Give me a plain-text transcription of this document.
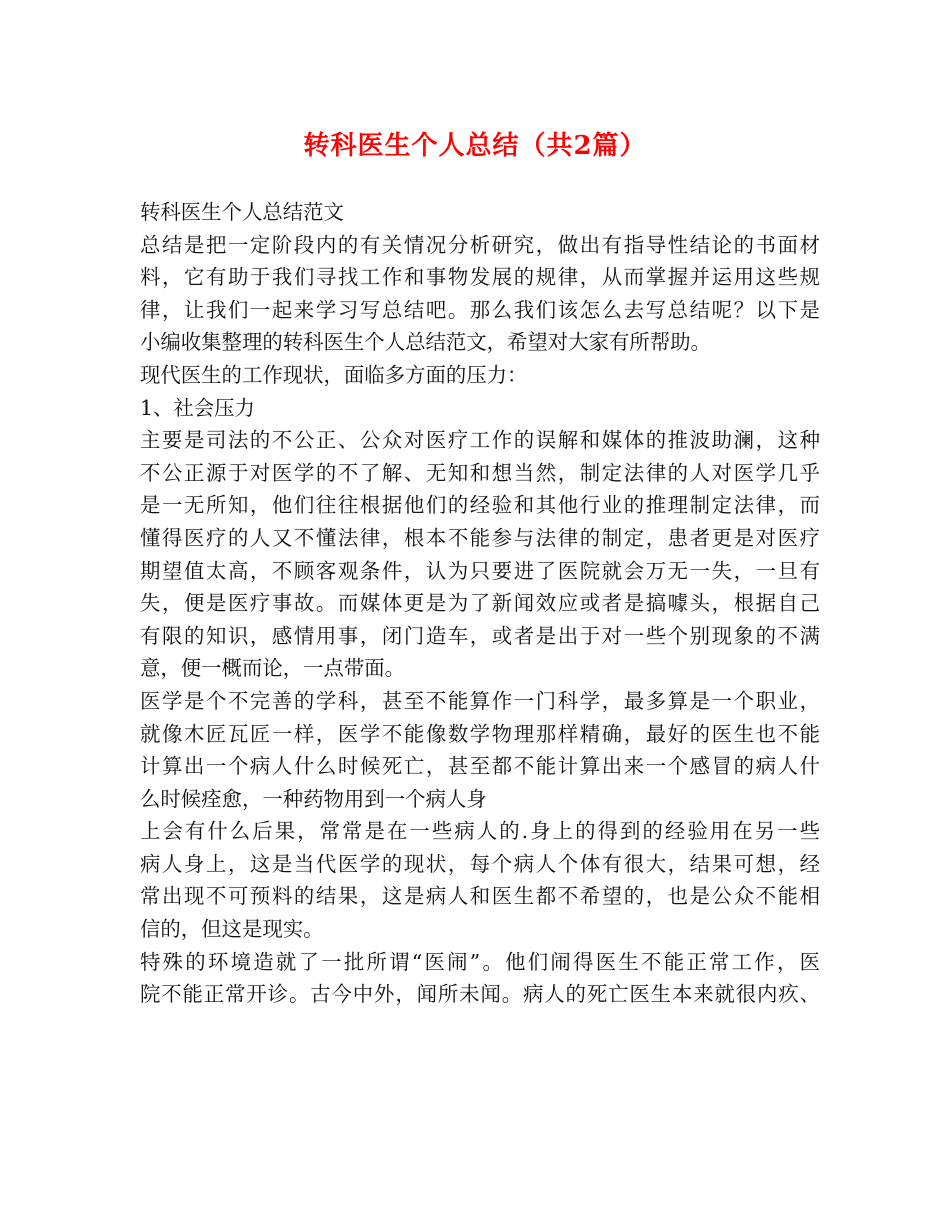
转科医生个人总结（共2篇）
转科医生个人总结范文
总结是把一定阶段内的有关情况分析研究，做出有指导性结论的书面材
料，它有助于我们寻找工作和事物发展的规律，从而掌握并运用这些规
律，让我们一起来学习写总结吧。那么我们该怎么去写总结呢？以下是
小编收集整理的转科医生个人总结范文，希望对大家有所帮助。
现代医生的工作现状，面临多方面的压力：
1、社会压力
主要是司法的不公正、公众对医疗工作的误解和媒体的推波助澜，这种
不公正源于对医学的不了解、无知和想当然，制定法律的人对医学几乎
是一无所知，他们往往根据他们的经验和其他行业的推理制定法律，而
懂得医疗的人又不懂法律，根本不能参与法律的制定，患者更是对医疗
期望值太高，不顾客观条件，认为只要进了医院就会万无一失，一旦有
失，便是医疗事故。而媒体更是为了新闻效应或者是搞噱头，根据自己
有限的知识，感情用事，闭门造车，或者是出于对一些个别现象的不满
意，便一概而论，一点带面。
医学是个不完善的学科，甚至不能算作一门科学，最多算是一个职业，
就像木匠瓦匠一样，医学不能像数学物理那样精确，最好的医生也不能
计算出一个病人什么时候死亡，甚至都不能计算出来一个感冒的病人什
么时候痊愈，一种药物用到一个病人身
上会有什么后果，常常是在一些病人的.身上的得到的经验用在另一些
病人身上，这是当代医学的现状，每个病人个体有很大，结果可想，经
常出现不可预料的结果，这是病人和医生都不希望的，也是公众不能相
信的，但这是现实。
特殊的环境造就了一批所谓“医闹”。他们闹得医生不能正常工作，医
院不能正常开诊。古今中外，闻所未闻。病人的死亡医生本来就很内疚、
